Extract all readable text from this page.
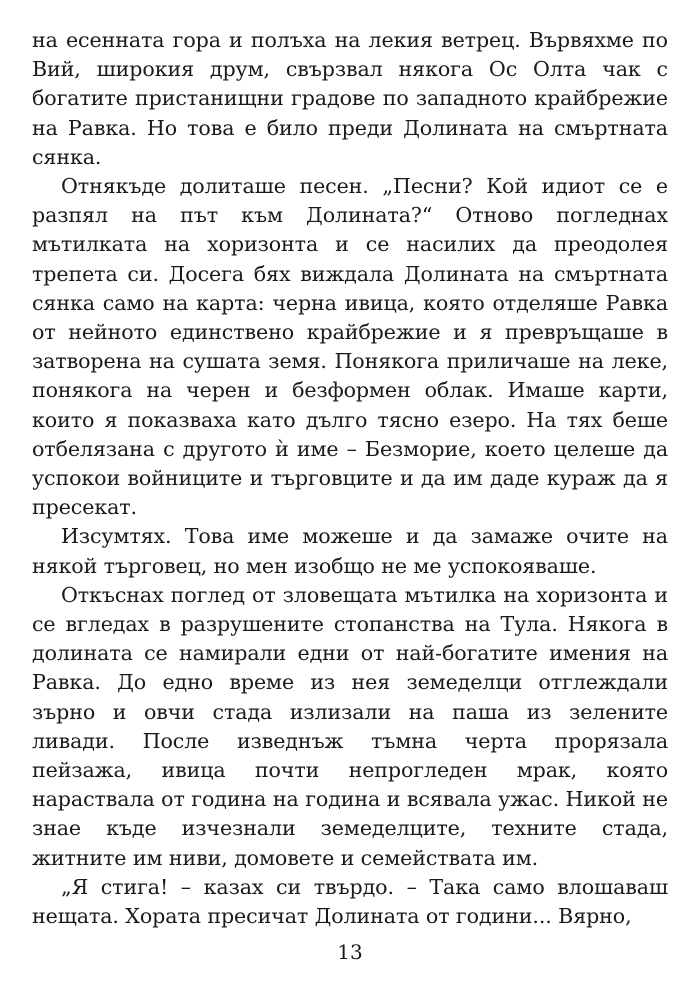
на есенната гора и полъха на лекия ветрец. Вървяхме по Вий, широкия друм, свързвал някога Ос Олта чак с богатите пристанищни градове по западното крайбрежие на Равка. Но това е било преди Долината на смъртната сянка.

Отнякъде долиташе песен. „Песни? Кой идиот се е разпял на път към Долината?“ Отново погледнах мътилката на хоризонта и се насилих да преодолея трепета си. Досега бях виждала Долината на смъртната сянка само на карта: черна ивица, която отделяше Равка от нейното единствено крайбрежие и я превръщаше в затворена на сушата земя. Понякога приличаше на леке, понякога на черен и безформен облак. Имаше карти, които я показваха като дълго тясно езеро. На тях беше отбелязана с другото ѝ име – Безморие, което целеше да успокои войниците и търговците и да им даде кураж да я пресекат.

Изсумтях. Това име можеше и да замаже очите на някой търговец, но мен изобщо не ме успокояваше.

Откъснах поглед от зловещата мътилка на хоризонта и се вгледах в разрушените стопанства на Тула. Някога в долината се намирали едни от най-богатите имения на Равка. До едно време из нея земеделци отглеждали зърно и овчи стада излизали на паша из зелените ливади. После изведнъж тъмна черта прорязала пейзажа, ивица почти непрогледен мрак, която нараствала от година на година и всявала ужас. Никой не знае къде изчезнали земеделците, техните стада, житните им ниви, домовете и семействата им.

„Я стига! – казах си твърдо. – Така само влошаваш нещата. Хората пресичат Долината от години... Вярно,

13
